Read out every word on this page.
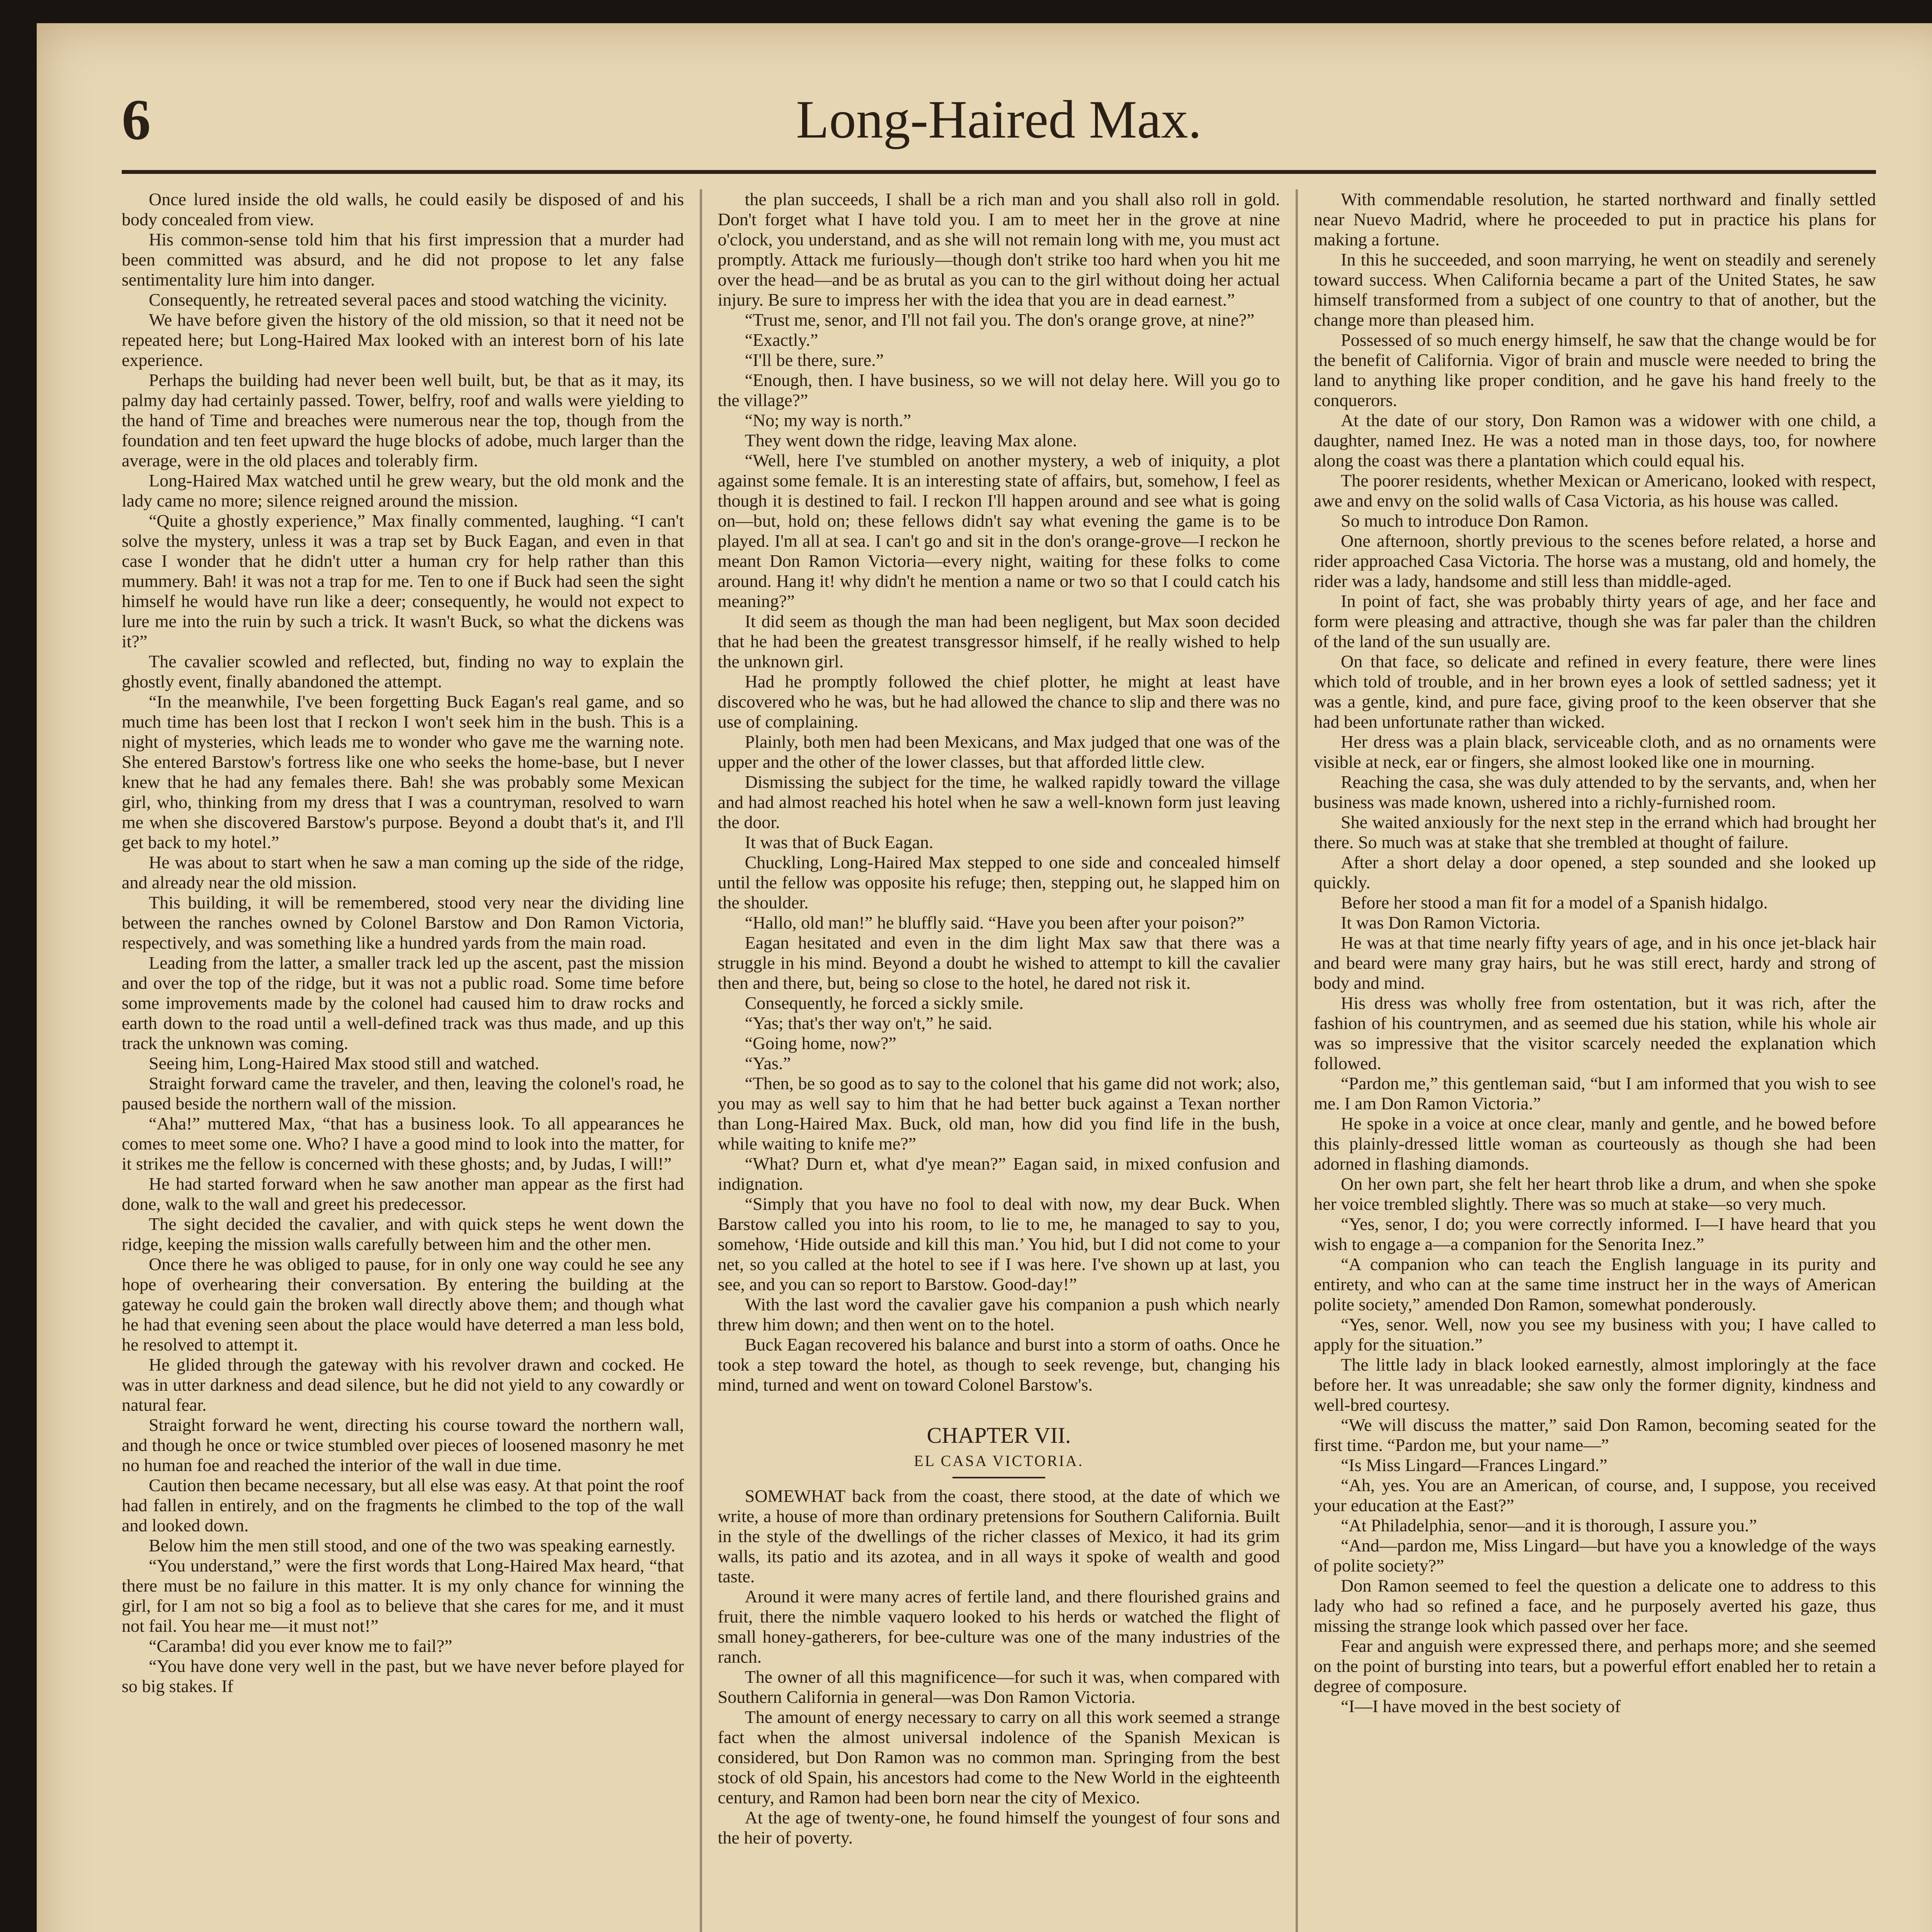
6	Long-Haired Max.

Once lured inside the old walls, he could easily be disposed of and his body concealed from view.

His common-sense told him that his first impression that a murder had been committed was absurd, and he did not propose to let any false sentimentality lure him into danger.

Consequently, he retreated several paces and stood watching the vicinity.

We have before given the history of the old mission, so that it need not be repeated here; but Long-Haired Max looked with an interest born of his late experience.

Perhaps the building had never been well built, but, be that as it may, its palmy day had certainly passed. Tower, belfry, roof and walls were yielding to the hand of Time and breaches were numerous near the top, though from the foundation and ten feet upward the huge blocks of adobe, much larger than the average, were in the old places and tolerably firm.

Long-Haired Max watched until he grew weary, but the old monk and the lady came no more; silence reigned around the mission.

“Quite a ghostly experience,” Max finally commented, laughing. “I can't solve the mystery, unless it was a trap set by Buck Eagan, and even in that case I wonder that he didn't utter a human cry for help rather than this mummery. Bah! it was not a trap for me. Ten to one if Buck had seen the sight himself he would have run like a deer; consequently, he would not expect to lure me into the ruin by such a trick. It wasn't Buck, so what the dickens was it?”

The cavalier scowled and reflected, but, finding no way to explain the ghostly event, finally abandoned the attempt.

“In the meanwhile, I've been forgetting Buck Eagan's real game, and so much time has been lost that I reckon I won't seek him in the bush. This is a night of mysteries, which leads me to wonder who gave me the warning note. She entered Barstow's fortress like one who seeks the home-base, but I never knew that he had any females there. Bah! she was probably some Mexican girl, who, thinking from my dress that I was a countryman, resolved to warn me when she discovered Barstow's purpose. Beyond a doubt that's it, and I'll get back to my hotel.”

He was about to start when he saw a man coming up the side of the ridge, and already near the old mission.

This building, it will be remembered, stood very near the dividing line between the ranches owned by Colonel Barstow and Don Ramon Victoria, respectively, and was something like a hundred yards from the main road.

Leading from the latter, a smaller track led up the ascent, past the mission and over the top of the ridge, but it was not a public road. Some time before some improvements made by the colonel had caused him to draw rocks and earth down to the road until a well-defined track was thus made, and up this track the unknown was coming.

Seeing him, Long-Haired Max stood still and watched.

Straight forward came the traveler, and then, leaving the colonel's road, he paused beside the northern wall of the mission.

“Aha!” muttered Max, “that has a business look. To all appearances he comes to meet some one. Who? I have a good mind to look into the matter, for it strikes me the fellow is concerned with these ghosts; and, by Judas, I will!”

He had started forward when he saw another man appear as the first had done, walk to the wall and greet his predecessor.

The sight decided the cavalier, and with quick steps he went down the ridge, keeping the mission walls carefully between him and the other men.

Once there he was obliged to pause, for in only one way could he see any hope of overhearing their conversation. By entering the building at the gateway he could gain the broken wall directly above them; and though what he had that evening seen about the place would have deterred a man less bold, he resolved to attempt it.

He glided through the gateway with his revolver drawn and cocked. He was in utter darkness and dead silence, but he did not yield to any cowardly or natural fear.

Straight forward he went, directing his course toward the northern wall, and though he once or twice stumbled over pieces of loosened masonry he met no human foe and reached the interior of the wall in due time.

Caution then became necessary, but all else was easy. At that point the roof had fallen in entirely, and on the fragments he climbed to the top of the wall and looked down.

Below him the men still stood, and one of the two was speaking earnestly.

“You understand,” were the first words that Long-Haired Max heard, “that there must be no failure in this matter. It is my only chance for winning the girl, for I am not so big a fool as to believe that she cares for me, and it must not fail. You hear me—it must not!”

“Caramba! did you ever know me to fail?”

“You have done very well in the past, but we have never before played for so big stakes. If

the plan succeeds, I shall be a rich man and you shall also roll in gold. Don't forget what I have told you. I am to meet her in the grove at nine o'clock, you understand, and as she will not remain long with me, you must act promptly. Attack me furiously—though don't strike too hard when you hit me over the head—and be as brutal as you can to the girl without doing her actual injury. Be sure to impress her with the idea that you are in dead earnest.”

“Trust me, senor, and I'll not fail you. The don's orange grove, at nine?”

“Exactly.”

“I'll be there, sure.”

“Enough, then. I have business, so we will not delay here. Will you go to the village?”

“No; my way is north.”

They went down the ridge, leaving Max alone.

“Well, here I've stumbled on another mystery, a web of iniquity, a plot against some female. It is an interesting state of affairs, but, somehow, I feel as though it is destined to fail. I reckon I'll happen around and see what is going on—but, hold on; these fellows didn't say what evening the game is to be played. I'm all at sea. I can't go and sit in the don's orange-grove—I reckon he meant Don Ramon Victoria—every night, waiting for these folks to come around. Hang it! why didn't he mention a name or two so that I could catch his meaning?”

It did seem as though the man had been negligent, but Max soon decided that he had been the greatest transgressor himself, if he really wished to help the unknown girl.

Had he promptly followed the chief plotter, he might at least have discovered who he was, but he had allowed the chance to slip and there was no use of complaining.

Plainly, both men had been Mexicans, and Max judged that one was of the upper and the other of the lower classes, but that afforded little clew.

Dismissing the subject for the time, he walked rapidly toward the village and had almost reached his hotel when he saw a well-known form just leaving the door.

It was that of Buck Eagan.

Chuckling, Long-Haired Max stepped to one side and concealed himself until the fellow was opposite his refuge; then, stepping out, he slapped him on the shoulder.

“Hallo, old man!” he bluffly said. “Have you been after your poison?”

Eagan hesitated and even in the dim light Max saw that there was a struggle in his mind. Beyond a doubt he wished to attempt to kill the cavalier then and there, but, being so close to the hotel, he dared not risk it.

Consequently, he forced a sickly smile.

“Yas; that's ther way on't,” he said.

“Going home, now?”

“Yas.”

“Then, be so good as to say to the colonel that his game did not work; also, you may as well say to him that he had better buck against a Texan norther than Long-Haired Max. Buck, old man, how did you find life in the bush, while waiting to knife me?”

“What? Durn et, what d'ye mean?” Eagan said, in mixed confusion and indignation.

“Simply that you have no fool to deal with now, my dear Buck. When Barstow called you into his room, to lie to me, he managed to say to you, somehow, ‘Hide outside and kill this man.’ You hid, but I did not come to your net, so you called at the hotel to see if I was here. I've shown up at last, you see, and you can so report to Barstow. Good-day!”

With the last word the cavalier gave his companion a push which nearly threw him down; and then went on to the hotel.

Buck Eagan recovered his balance and burst into a storm of oaths. Once he took a step toward the hotel, as though to seek revenge, but, changing his mind, turned and went on toward Colonel Barstow's.

CHAPTER VII.
EL CASA VICTORIA.

SOMEWHAT back from the coast, there stood, at the date of which we write, a house of more than ordinary pretensions for Southern California. Built in the style of the dwellings of the richer classes of Mexico, it had its grim walls, its patio and its azotea, and in all ways it spoke of wealth and good taste.

Around it were many acres of fertile land, and there flourished grains and fruit, there the nimble vaquero looked to his herds or watched the flight of small honey-gatherers, for bee-culture was one of the many industries of the ranch.

The owner of all this magnificence—for such it was, when compared with Southern California in general—was Don Ramon Victoria.

The amount of energy necessary to carry on all this work seemed a strange fact when the almost universal indolence of the Spanish Mexican is considered, but Don Ramon was no common man. Springing from the best stock of old Spain, his ancestors had come to the New World in the eighteenth century, and Ramon had been born near the city of Mexico.

At the age of twenty-one, he found himself the youngest of four sons and the heir of poverty.

With commendable resolution, he started northward and finally settled near Nuevo Madrid, where he proceeded to put in practice his plans for making a fortune.

In this he succeeded, and soon marrying, he went on steadily and serenely toward success. When California became a part of the United States, he saw himself transformed from a subject of one country to that of another, but the change more than pleased him.

Possessed of so much energy himself, he saw that the change would be for the benefit of California. Vigor of brain and muscle were needed to bring the land to anything like proper condition, and he gave his hand freely to the conquerors.

At the date of our story, Don Ramon was a widower with one child, a daughter, named Inez. He was a noted man in those days, too, for nowhere along the coast was there a plantation which could equal his.

The poorer residents, whether Mexican or Americano, looked with respect, awe and envy on the solid walls of Casa Victoria, as his house was called.

So much to introduce Don Ramon.

One afternoon, shortly previous to the scenes before related, a horse and rider approached Casa Victoria. The horse was a mustang, old and homely, the rider was a lady, handsome and still less than middle-aged.

In point of fact, she was probably thirty years of age, and her face and form were pleasing and attractive, though she was far paler than the children of the land of the sun usually are.

On that face, so delicate and refined in every feature, there were lines which told of trouble, and in her brown eyes a look of settled sadness; yet it was a gentle, kind, and pure face, giving proof to the keen observer that she had been unfortunate rather than wicked.

Her dress was a plain black, serviceable cloth, and as no ornaments were visible at neck, ear or fingers, she almost looked like one in mourning.

Reaching the casa, she was duly attended to by the servants, and, when her business was made known, ushered into a richly-furnished room.

She waited anxiously for the next step in the errand which had brought her there. So much was at stake that she trembled at thought of failure.

After a short delay a door opened, a step sounded and she looked up quickly.

Before her stood a man fit for a model of a Spanish hidalgo.

It was Don Ramon Victoria.

He was at that time nearly fifty years of age, and in his once jet-black hair and beard were many gray hairs, but he was still erect, hardy and strong of body and mind.

His dress was wholly free from ostentation, but it was rich, after the fashion of his countrymen, and as seemed due his station, while his whole air was so impressive that the visitor scarcely needed the explanation which followed.

“Pardon me,” this gentleman said, “but I am informed that you wish to see me. I am Don Ramon Victoria.”

He spoke in a voice at once clear, manly and gentle, and he bowed before this plainly-dressed little woman as courteously as though she had been adorned in flashing diamonds.

On her own part, she felt her heart throb like a drum, and when she spoke her voice trembled slightly. There was so much at stake—so very much.

“Yes, senor, I do; you were correctly informed. I—I have heard that you wish to engage a—a companion for the Senorita Inez.”

“A companion who can teach the English language in its purity and entirety, and who can at the same time instruct her in the ways of American polite society,” amended Don Ramon, somewhat ponderously.

“Yes, senor. Well, now you see my business with you; I have called to apply for the situation.”

The little lady in black looked earnestly, almost imploringly at the face before her. It was unreadable; she saw only the former dignity, kindness and well-bred courtesy.

“We will discuss the matter,” said Don Ramon, becoming seated for the first time. “Pardon me, but your name—”

“Is Miss Lingard—Frances Lingard.”

“Ah, yes. You are an American, of course, and, I suppose, you received your education at the East?”

“At Philadelphia, senor—and it is thorough, I assure you.”

“And—pardon me, Miss Lingard—but have you a knowledge of the ways of polite society?”

Don Ramon seemed to feel the question a delicate one to address to this lady who had so refined a face, and he purposely averted his gaze, thus missing the strange look which passed over her face.

Fear and anguish were expressed there, and perhaps more; and she seemed on the point of bursting into tears, but a powerful effort enabled her to retain a degree of composure.

“I—I have moved in the best society of
